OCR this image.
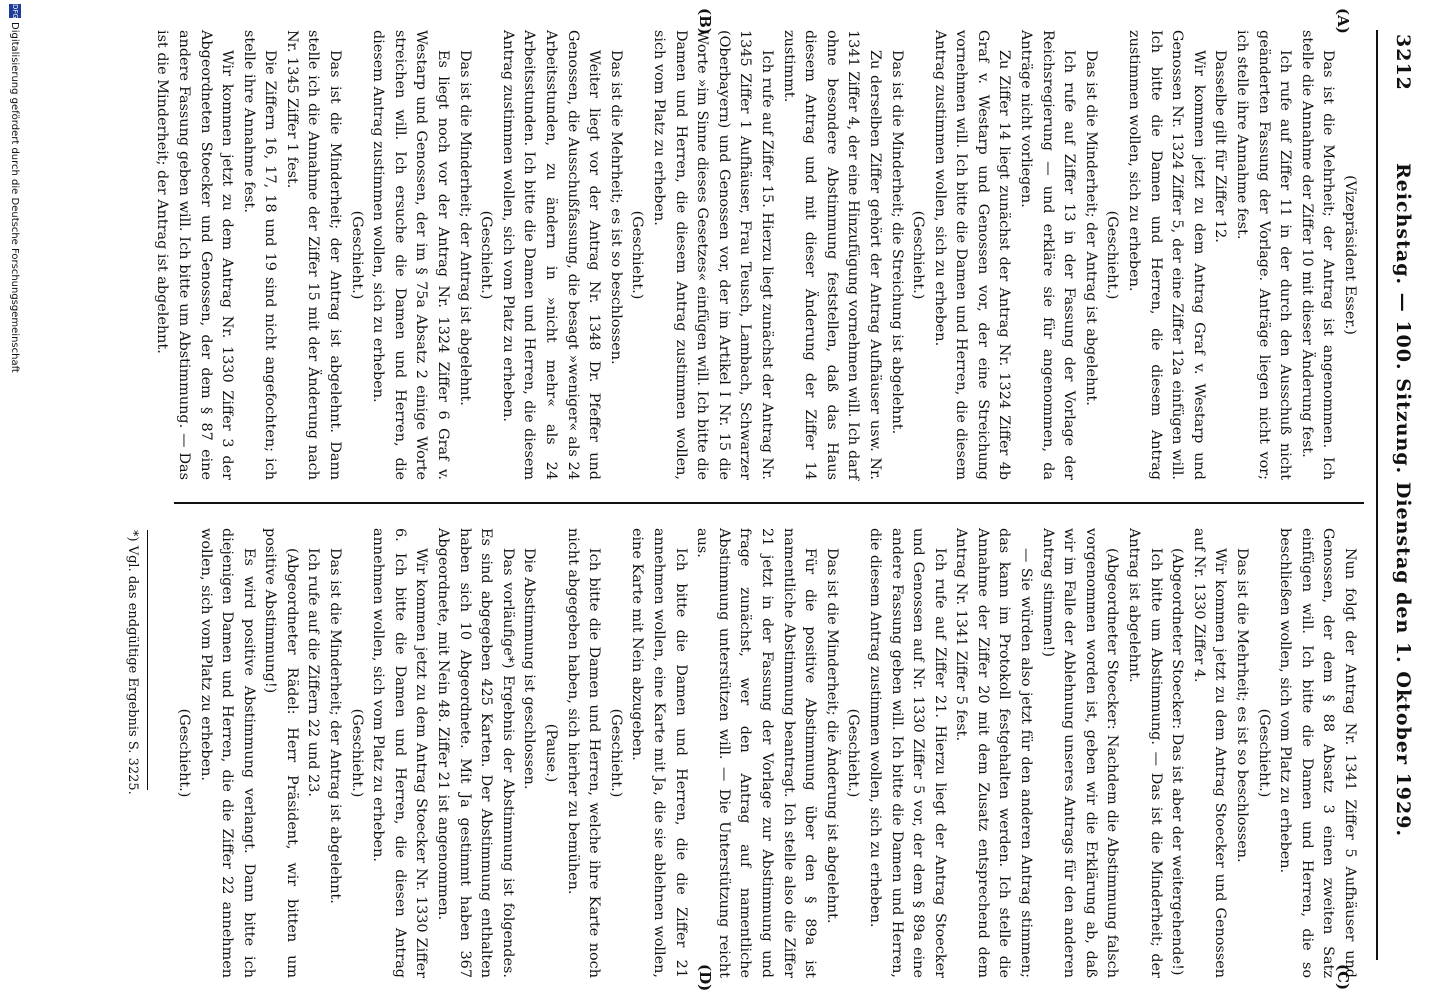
3212
Reichstag. — 100. Sitzung. Dienstag den 1. Oktober 1929.
(A)
(B)
(C)
(D)

(Vizepräsident Esser.)

Das ist die Mehrheit; der Antrag ist angenommen. Ich stelle die Annahme der Ziffer 10 mit dieser Änderung fest.

Ich rufe auf Ziffer 11 in der durch den Ausschuß nicht geänderten Fassung der Vorlage. Anträge liegen nicht vor; ich stelle ihre Annahme fest.

Dasselbe gilt für Ziffer 12.

Wir kommen jetzt zu dem Antrag Graf v. Westarp und Genossen Nr. 1324 Ziffer 5, der eine Ziffer 12a einfügen will. Ich bitte die Damen und Herren, die diesem Antrag zustimmen wollen, sich zu erheben.

(Geschieht.)

Das ist die Minderheit; der Antrag ist abgelehnt.

Ich rufe auf Ziffer 13 in der Fassung der Vorlage der Reichsregierung — und erkläre sie für angenommen, da Anträge nicht vorliegen.

Zu Ziffer 14 liegt zunächst der Antrag Nr. 1324 Ziffer 4b Graf v. Westarp und Genossen vor, der eine Streichung vornehmen will. Ich bitte die Damen und Herren, die diesem Antrag zustimmen wollen, sich zu erheben.

(Geschieht.)

Das ist die Minderheit; die Streichung ist abgelehnt.

Zu derselben Ziffer gehört der Antrag Aufhäuser usw. Nr. 1341 Ziffer 4, der eine Hinzufügung vornehmen will. Ich darf ohne besondere Abstimmung feststellen, daß das Haus diesem Antrag und mit dieser Änderung der Ziffer 14 zustimmt.

Ich rufe auf Ziffer 15. Hierzu liegt zunächst der Antrag Nr. 1345 Ziffer 1 Aufhäuser, Frau Teusch, Lambach, Schwarzer (Oberbayern) und Genossen vor, der im Artikel I Nr. 15 die Worte »im Sinne dieses Gesetzes« einfügen will. Ich bitte die Damen und Herren, die diesem Antrag zustimmen wollen, sich vom Platz zu erheben.

(Geschieht.)

Das ist die Mehrheit; es ist so beschlossen.

Weiter liegt vor der Antrag Nr. 1348 Dr. Pfeffer und Genossen, die Ausschußfassung, die besagt »weniger« als 24 Arbeitsstunden, zu ändern in »nicht mehr« als 24 Arbeitsstunden. Ich bitte die Damen und Herren, die diesem Antrag zustimmen wollen, sich vom Platz zu erheben.

(Geschieht.)

Das ist die Minderheit; der Antrag ist abgelehnt.

Es liegt noch vor der Antrag Nr. 1324 Ziffer 6 Graf v. Westarp und Genossen, der im § 75a Absatz 2 einige Worte streichen will. Ich ersuche die Damen und Herren, die diesem Antrag zustimmen wollen, sich zu erheben.

(Geschieht.)

Das ist die Minderheit; der Antrag ist abgelehnt. Dann stelle ich die Annahme der Ziffer 15 mit der Änderung nach Nr. 1345 Ziffer 1 fest.

Die Ziffern 16, 17, 18 und 19 sind nicht angefochten; ich stelle ihre Annahme fest.

Wir kommen jetzt zu dem Antrag Nr. 1330 Ziffer 3 der Abgeordneten Stoecker und Genossen, der dem § 87 eine andere Fassung geben will. Ich bitte um Abstimmung. — Das ist die Minderheit; der Antrag ist abgelehnt.

Nun folgt der Antrag Nr. 1341 Ziffer 5 Aufhäuser und Genossen, der dem § 88 Absatz 3 einen zweiten Satz einfügen will. Ich bitte die Damen und Herren, die so beschließen wollen, sich vom Platz zu erheben.

(Geschieht.)

Das ist die Mehrheit; es ist so beschlossen.

Wir kommen jetzt zu dem Antrag Stoecker und Genossen auf Nr. 1330 Ziffer 4.

(Abgeordneter Stoecker: Das ist aber der weitergehende!)

Ich bitte um Abstimmung. — Das ist die Minderheit; der Antrag ist abgelehnt.

(Abgeordneter Stoecker: Nachdem die Abstimmung falsch vorgenommen worden ist, geben wir die Erklärung ab, daß wir im Falle der Ablehnung unseres Antrags für den anderen Antrag stimmen!)

— Sie würden also jetzt für den anderen Antrag stimmen; das kann im Protokoll festgehalten werden. Ich stelle die Annahme der Ziffer 20 mit dem Zusatz entsprechend dem Antrag Nr. 1341 Ziffer 5 fest.

Ich rufe auf Ziffer 21. Hierzu liegt der Antrag Stoecker und Genossen auf Nr. 1330 Ziffer 5 vor, der dem § 89a eine andere Fassung geben will. Ich bitte die Damen und Herren, die diesem Antrag zustimmen wollen, sich zu erheben.

(Geschieht.)

Das ist die Minderheit; die Änderung ist abgelehnt.

Für die positive Abstimmung über den § 89a ist namentliche Abstimmung beantragt. Ich stelle also die Ziffer 21 jetzt in der Fassung der Vorlage zur Abstimmung und frage zunächst, wer den Antrag auf namentliche Abstimmung unterstützen will. — Die Unterstützung reicht aus.

Ich bitte die Damen und Herren, die die Ziffer 21 annehmen wollen, eine Karte mit Ja, die sie ablehnen wollen, eine Karte mit Nein abzugeben.

(Geschieht.)

Ich bitte die Damen und Herren, welche ihre Karte noch nicht abgegeben haben, sich hierher zu bemühen.

(Pause.)

Die Abstimmung ist geschlossen.

Das vorläufige*) Ergebnis der Abstimmung ist folgendes. Es sind abgegeben 425 Karten. Der Abstimmung enthalten haben sich 10 Abgeordnete. Mit Ja gestimmt haben 367 Abgeordnete, mit Nein 48. Ziffer 21 ist angenommen.

Wir kommen jetzt zu dem Antrag Stoecker Nr. 1330 Ziffer 6. Ich bitte die Damen und Herren, die diesen Antrag annehmen wollen, sich vom Platz zu erheben.

(Geschieht.)

Das ist die Minderheit; der Antrag ist abgelehnt.

Ich rufe auf die Ziffern 22 und 23.

(Abgeordneter Rädel: Herr Präsident, wir bitten um positive Abstimmung!)

Es wird positive Abstimmung verlangt. Dann bitte ich diejenigen Damen und Herren, die die Ziffer 22 annehmen wollen, sich vom Platz zu erheben.

(Geschieht.)

*) Vgl. das endgültige Ergebnis S. 3225.
DFG
Digitalisierung gefördert durch die Deutsche Forschungsgemeinschaft
